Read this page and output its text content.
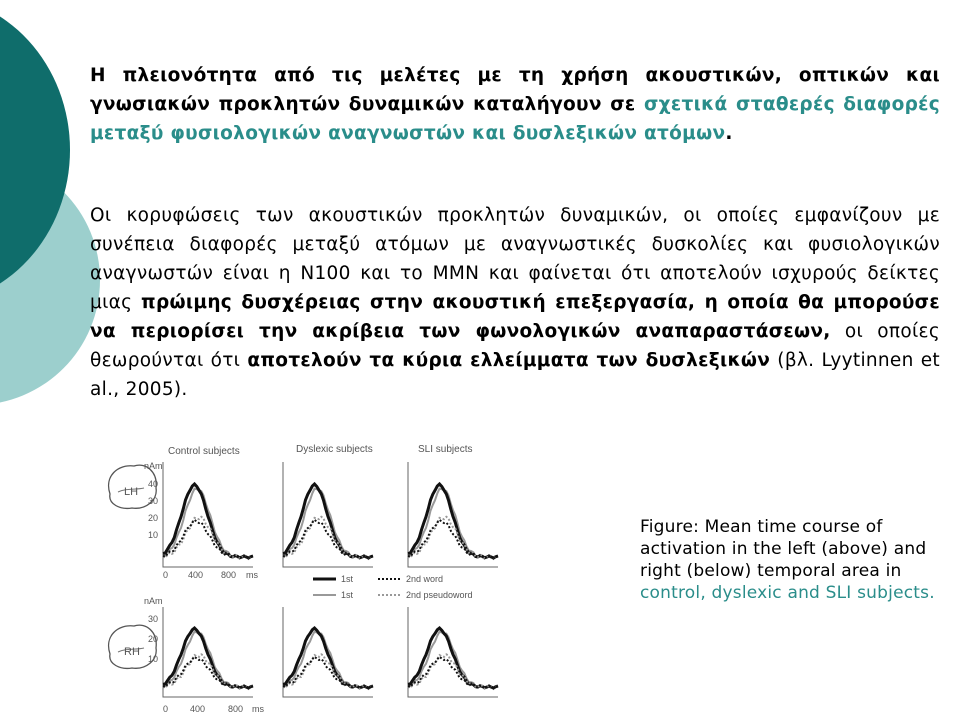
Η πλειονότητα από τις μελέτες με τη χρήση ακουστικών, οπτικών και γνωσιακών προκλητών δυναμικών καταλήγουν σε σχετικά σταθερές διαφορές μεταξύ φυσιολογικών αναγνωστών και δυσλεξικών ατόμων.

Οι κορυφώσεις των ακουστικών προκλητών δυναμικών, οι οποίες εμφανίζουν με συνέπεια διαφορές μεταξύ ατόμων με αναγνωστικές δυσκολίες και φυσιολογικών αναγνωστών είναι η Ν100 και το MMN και φαίνεται ότι αποτελούν ισχυρούς δείκτες μιας πρώιμης δυσχέρειας στην ακουστική επεξεργασία, η οποία θα μπορούσε να περιορίσει την ακρίβεια των φωνολογικών αναπαραστάσεων, οι οποίες θεωρούνται ότι αποτελούν τα κύρια ελλείμματα των δυσλεξικών (βλ. Lyytinnen et al., 2005).

LH
RH
Control subjects	Dyslexic subjects	SLI subjects
nAm
40
30
20
10
nAm
30
20
10
0 400 800 ms
0 400	800 ms
1st
1st
2nd word
2nd pseudoword

Figure: Mean time course of activation in the left (above) and right (below) temporal area in control, dyslexic and SLI subjects.
